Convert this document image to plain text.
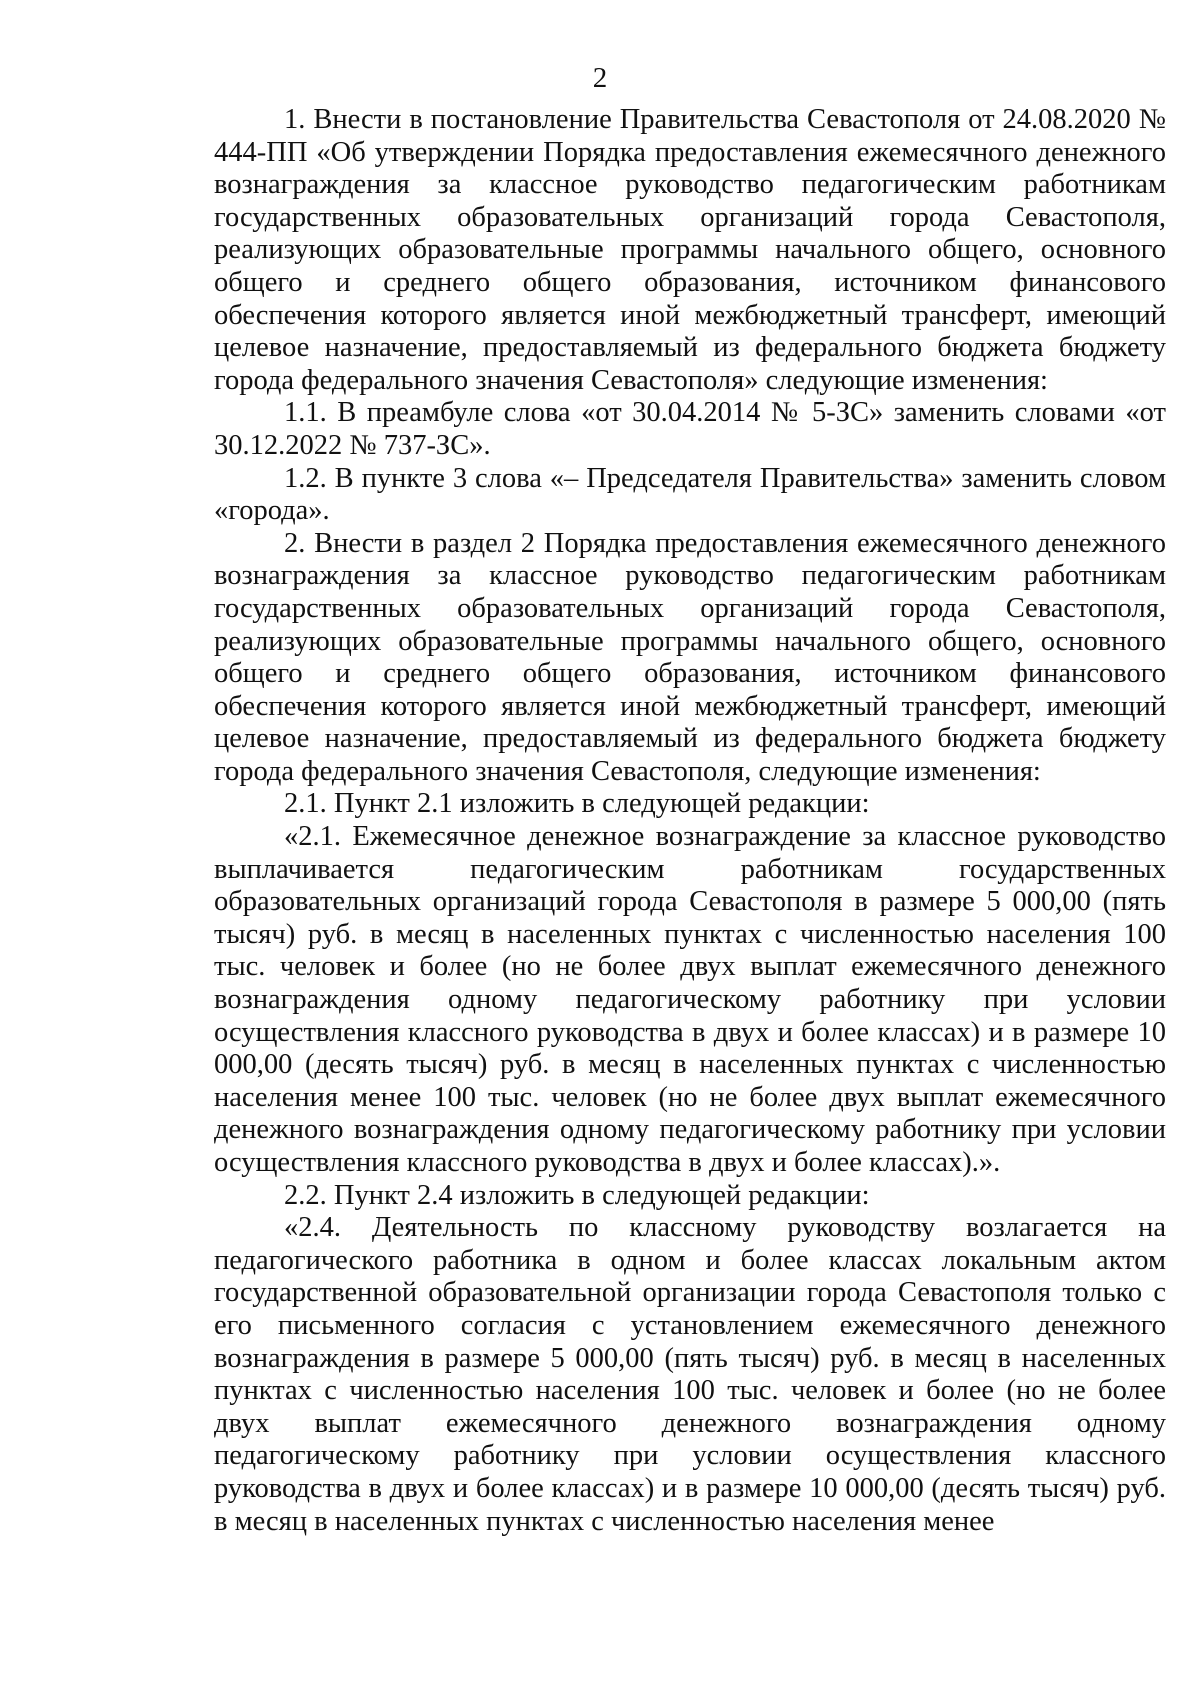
2

1. Внести в постановление Правительства Севастополя от 24.08.2020 № 444-ПП «Об утверждении Порядка предоставления ежемесячного денежного вознаграждения за классное руководство педагогическим работникам государственных образовательных организаций города Севастополя, реализующих образовательные программы начального общего, основного общего и среднего общего образования, источником финансового обеспечения которого является иной межбюджетный трансферт, имеющий целевое назначение, предоставляемый из федерального бюджета бюджету города федерального значения Севастополя» следующие изменения:

1.1. В преамбуле слова «от 30.04.2014 № 5-ЗС» заменить словами «от 30.12.2022 № 737-ЗС».

1.2. В пункте 3 слова «– Председателя Правительства» заменить словом «города».

2. Внести в раздел 2 Порядка предоставления ежемесячного денежного вознаграждения за классное руководство педагогическим работникам государственных образовательных организаций города Севастополя, реализующих образовательные программы начального общего, основного общего и среднего общего образования, источником финансового обеспечения которого является иной межбюджетный трансферт, имеющий целевое назначение, предоставляемый из федерального бюджета бюджету города федерального значения Севастополя, следующие изменения:

2.1. Пункт 2.1 изложить в следующей редакции:

«2.1. Ежемесячное денежное вознаграждение за классное руководство выплачивается педагогическим работникам государственных образовательных организаций города Севастополя в размере 5 000,00 (пять тысяч) руб. в месяц в населенных пунктах с численностью населения 100 тыс. человек и более (но не более двух выплат ежемесячного денежного вознаграждения одному педагогическому работнику при условии осуществления классного руководства в двух и более классах) и в размере 10 000,00 (десять тысяч) руб. в месяц в населенных пунктах с численностью населения менее 100 тыс. человек (но не более двух выплат ежемесячного денежного вознаграждения одному педагогическому работнику при условии осуществления классного руководства в двух и более классах).».

2.2. Пункт 2.4 изложить в следующей редакции:

«2.4. Деятельность по классному руководству возлагается на педагогического работника в одном и более классах локальным актом государственной образовательной организации города Севастополя только с его письменного согласия с установлением ежемесячного денежного вознаграждения в размере 5 000,00 (пять тысяч) руб. в месяц в населенных пунктах с численностью населения 100 тыс. человек и более (но не более двух выплат ежемесячного денежного вознаграждения одному педагогическому работнику при условии осуществления классного руководства в двух и более классах) и в размере 10 000,00 (десять тысяч) руб. в месяц в населенных пунктах с численностью населения менее
